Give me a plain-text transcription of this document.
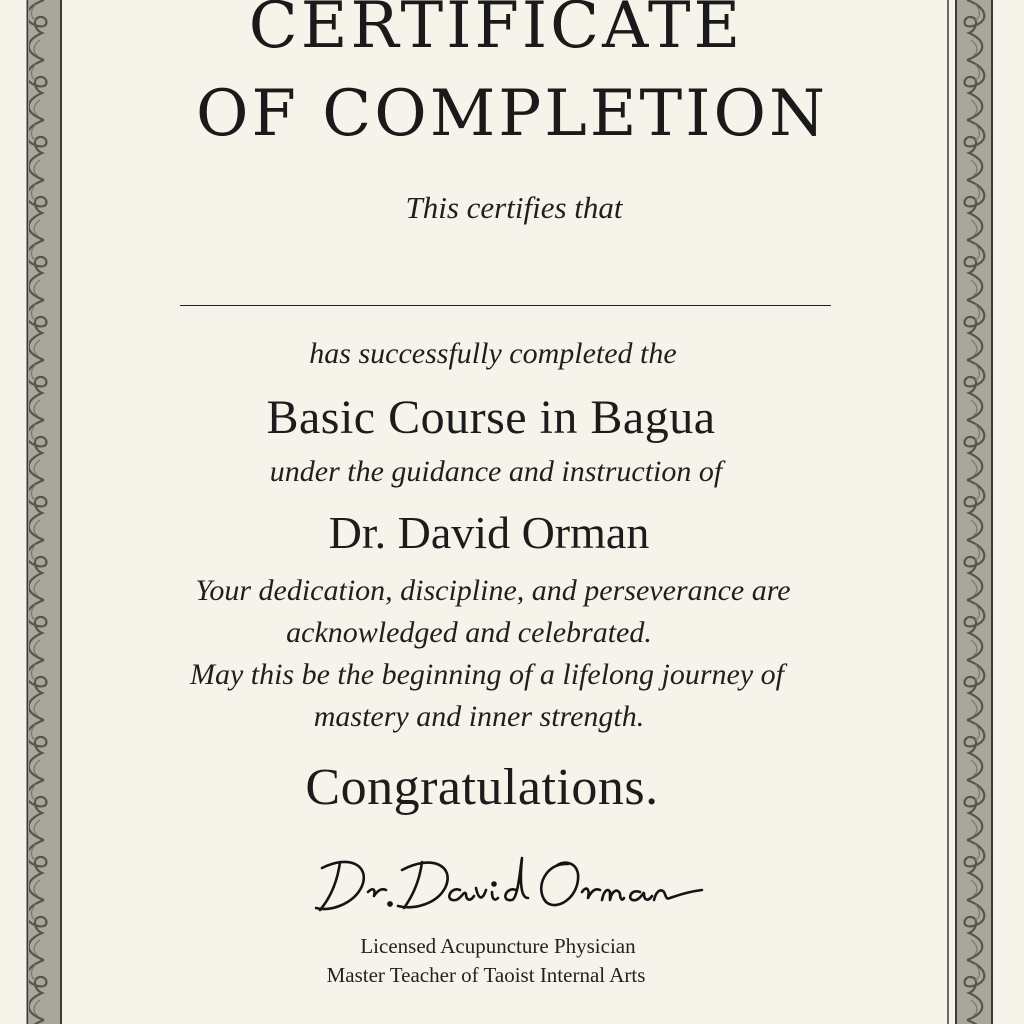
CERTIFICATE
OF COMPLETION

This certifies that

has successfully completed the

Basic Course in Bagua

under the guidance and instruction of

Dr. David Orman

Your dedication, discipline, and perseverance are

acknowledged and celebrated.

May this be the beginning of a lifelong journey of

mastery and inner strength.

Congratulations.

Licensed Acupuncture Physician

Master Teacher of Taoist Internal Arts
